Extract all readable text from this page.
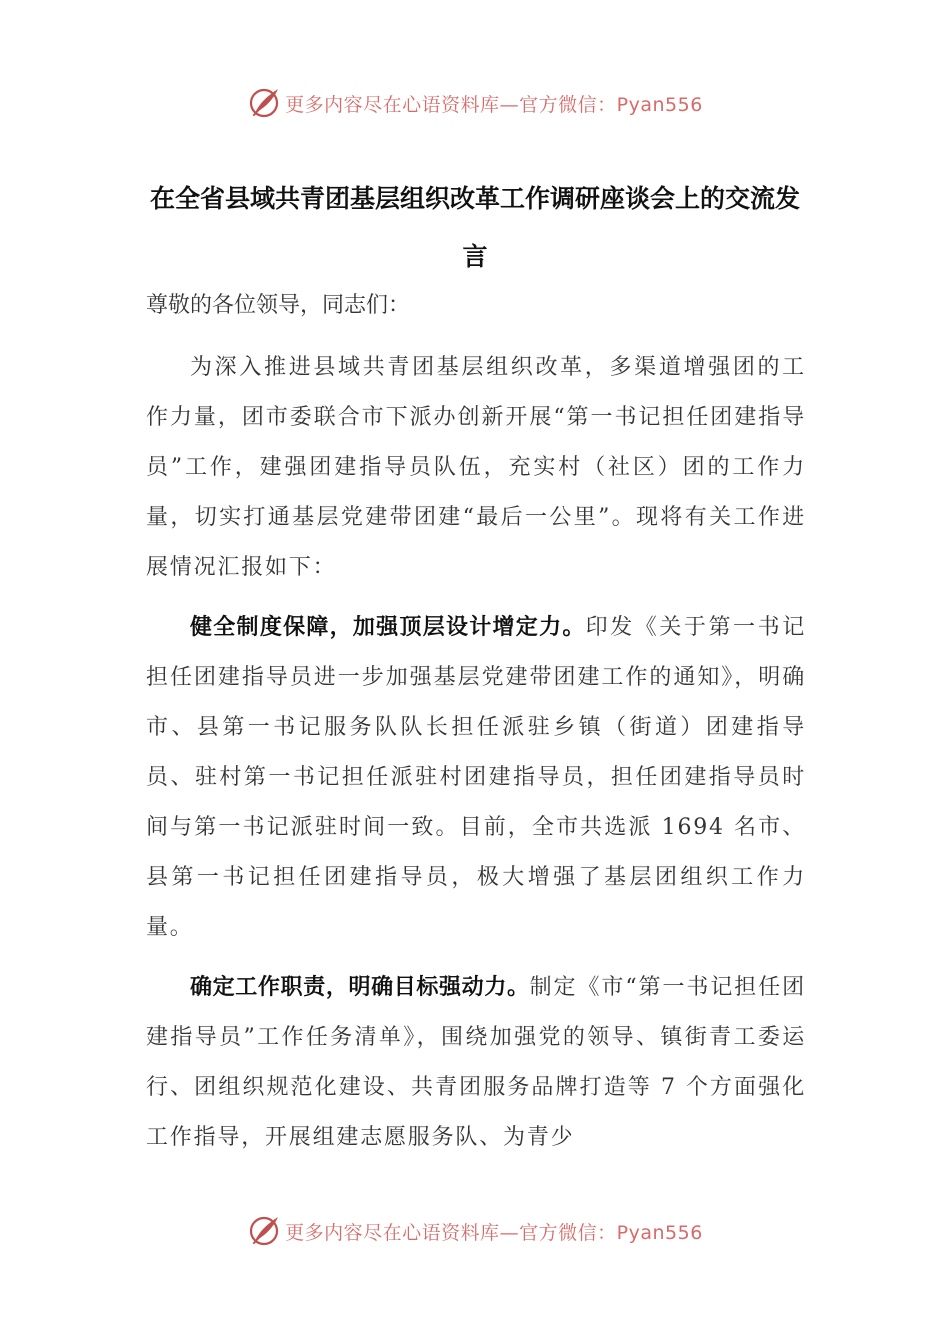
更多内容尽在心语资料库—官方微信：Pyan556
在全省县域共青团基层组织改革工作调研座谈会上的交流发言
尊敬的各位领导，同志们：

为深入推进县域共青团基层组织改革，多渠道增强团的工作力量，团市委联合市下派办创新开展“第一书记担任团建指导员”工作，建强团建指导员队伍，充实村（社区）团的工作力量，切实打通基层党建带团建“最后一公里”。现将有关工作进展情况汇报如下：

健全制度保障，加强顶层设计增定力。印发《关于第一书记担任团建指导员进一步加强基层党建带团建工作的通知》，明确市、县第一书记服务队队长担任派驻乡镇（街道）团建指导员、驻村第一书记担任派驻村团建指导员，担任团建指导员时间与第一书记派驻时间一致。目前，全市共选派 1694 名市、县第一书记担任团建指导员，极大增强了基层团组织工作力量。

确定工作职责，明确目标强动力。制定《市“第一书记担任团建指导员”工作任务清单》，围绕加强党的领导、镇街青工委运行、团组织规范化建设、共青团服务品牌打造等 7 个方面强化工作指导，开展组建志愿服务队、为青少

更多内容尽在心语资料库—官方微信：Pyan556
